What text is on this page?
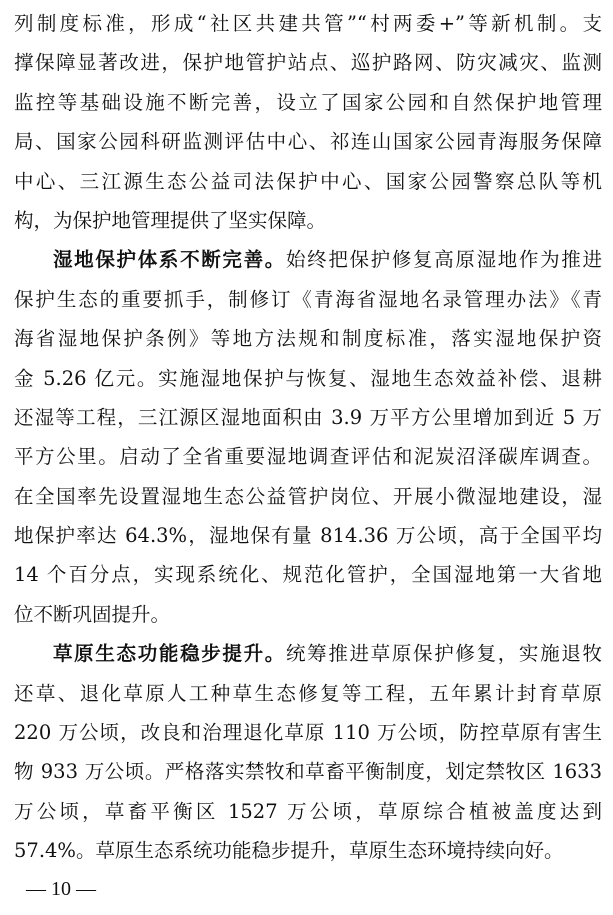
列制度标准，形成“社区共建共管”“村两委+”等新机制。支
撑保障显著改进，保护地管护站点、巡护路网、防灾减灾、监测
监控等基础设施不断完善，设立了国家公园和自然保护地管理
局、国家公园科研监测评估中心、祁连山国家公园青海服务保障
中心、三江源生态公益司法保护中心、国家公园警察总队等机
构，为保护地管理提供了坚实保障。
湿地保护体系不断完善。始终把保护修复高原湿地作为推进
保护生态的重要抓手，制修订《青海省湿地名录管理办法》《青
海省湿地保护条例》等地方法规和制度标准，落实湿地保护资
金 5.26 亿元。实施湿地保护与恢复、湿地生态效益补偿、退耕
还湿等工程，三江源区湿地面积由 3.9 万平方公里增加到近 5 万
平方公里。启动了全省重要湿地调查评估和泥炭沼泽碳库调查。
在全国率先设置湿地生态公益管护岗位、开展小微湿地建设，湿
地保护率达 64.3%，湿地保有量 814.36 万公顷，高于全国平均
14 个百分点，实现系统化、规范化管护，全国湿地第一大省地
位不断巩固提升。
草原生态功能稳步提升。统筹推进草原保护修复，实施退牧
还草、退化草原人工种草生态修复等工程，五年累计封育草原
220 万公顷，改良和治理退化草原 110 万公顷，防控草原有害生
物 933 万公顷。严格落实禁牧和草畜平衡制度，划定禁牧区 1633
万公顷，草畜平衡区 1527 万公顷，草原综合植被盖度达到
57.4%。草原生态系统功能稳步提升，草原生态环境持续向好。
— 10 —
